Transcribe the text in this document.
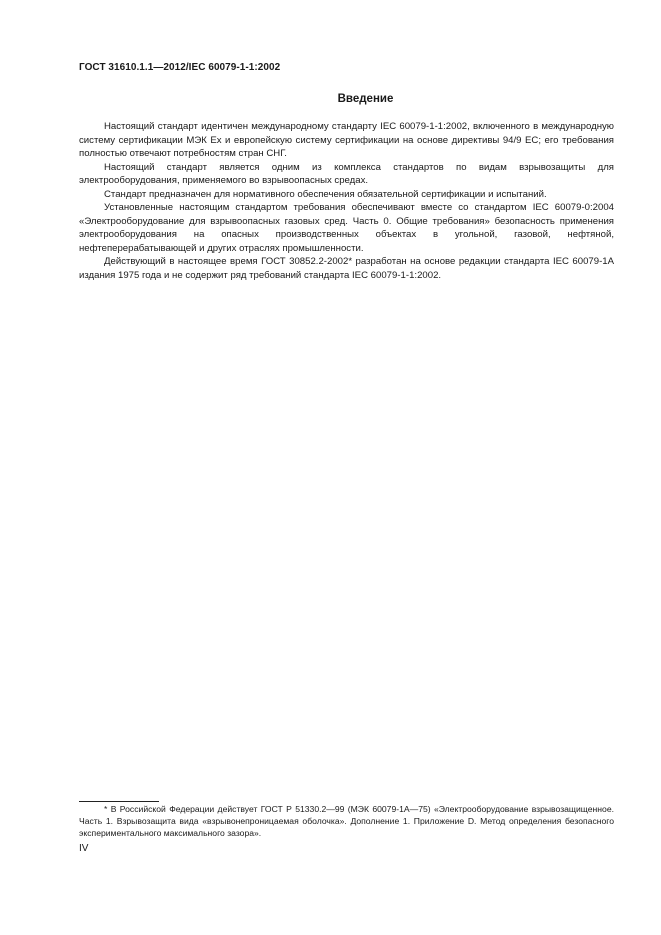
ГОСТ 31610.1.1—2012/IEC 60079-1-1:2002
Введение

Настоящий стандарт идентичен международному стандарту IEC 60079-1-1:2002, включенного в международную систему сертификации МЭК Ex и европейскую систему сертификации на основе директивы 94/9 EC; его требования полностью отвечают потребностям стран СНГ.

Настоящий стандарт является одним из комплекса стандартов по видам взрывозащиты для электрооборудования, применяемого во взрывоопасных средах.

Стандарт предназначен для нормативного обеспечения обязательной сертификации и испытаний.

Установленные настоящим стандартом требования обеспечивают вместе со стандартом IEC 60079-0:2004 «Электрооборудование для взрывоопасных газовых сред. Часть 0. Общие требования» безопасность применения электрооборудования на опасных производственных объектах в угольной, газовой, нефтяной, нефтеперерабатывающей и других отраслях промышленности.

Действующий в настоящее время ГОСТ 30852.2-2002* разработан на основе редакции стандарта IEC 60079-1A издания 1975 года и не содержит ряд требований стандарта IEC 60079-1-1:2002.

* В Российской Федерации действует ГОСТ Р 51330.2—99 (МЭК 60079-1А—75) «Электрооборудование взрывозащищенное. Часть 1. Взрывозащита вида «взрывонепроницаемая оболочка». Дополнение 1. Приложение D. Метод определения безопасного экспериментального максимального зазора».

IV
